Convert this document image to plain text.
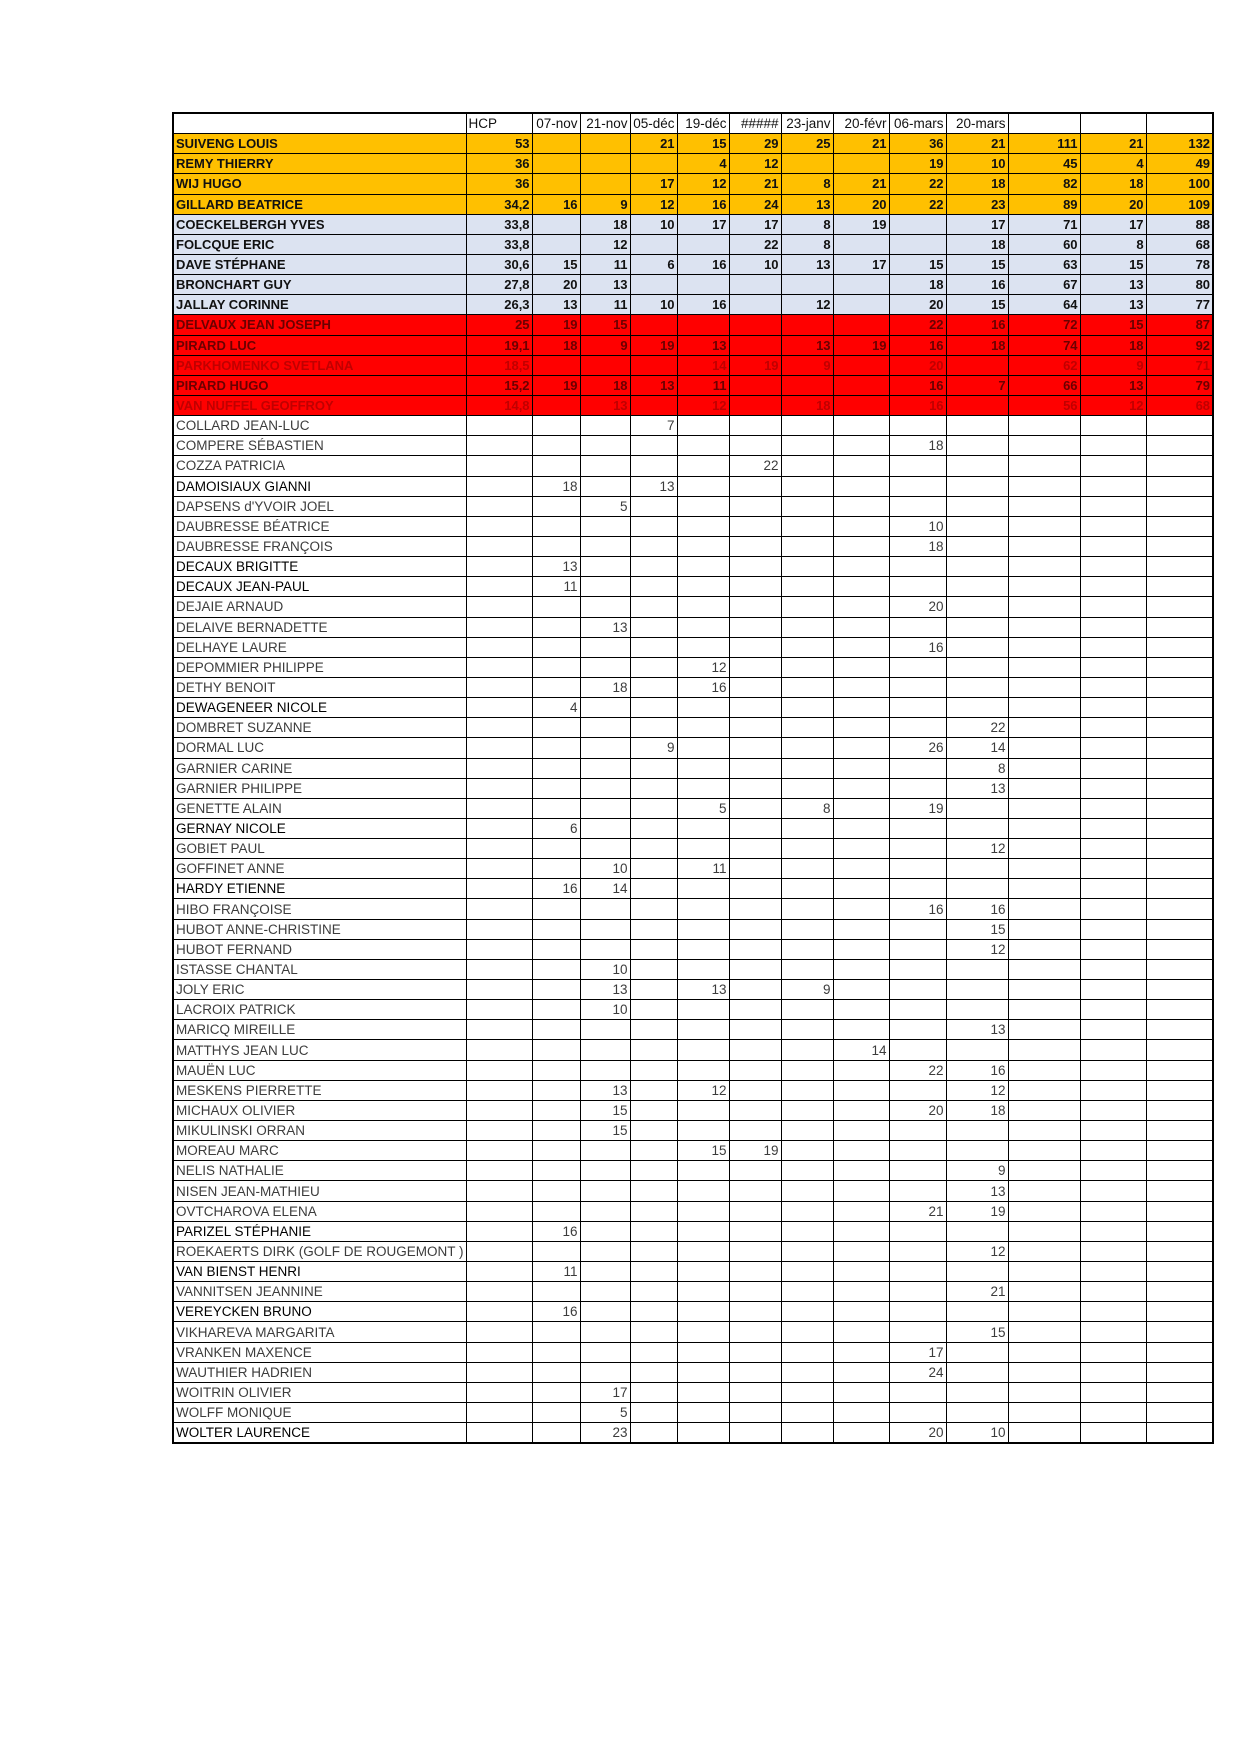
	HCP	07-nov	21-nov	05-déc	19-déc	#####	23-janv	20-févr	06-mars	20-mars			
SUIVENG LOUIS	53			21	15	29	25	21	36	21	111	21	132
REMY THIERRY	36				4	12			19	10	45	4	49
WIJ HUGO	36			17	12	21	8	21	22	18	82	18	100
GILLARD BEATRICE	34,2	16	9	12	16	24	13	20	22	23	89	20	109
COECKELBERGH YVES	33,8		18	10	17	17	8	19		17	71	17	88
FOLCQUE ERIC	33,8		12			22	8			18	60	8	68
DAVE STÉPHANE	30,6	15	11	6	16	10	13	17	15	15	63	15	78
BRONCHART GUY	27,8	20	13						18	16	67	13	80
JALLAY CORINNE	26,3	13	11	10	16		12		20	15	64	13	77
DELVAUX JEAN JOSEPH	25	19	15						22	16	72	15	87
PIRARD LUC	19,1	18	9	19	13		13	19	16	18	74	18	92
PARKHOMENKO SVETLANA	18,5				14	19	9		20		62	9	71
PIRARD HUGO	15,2	19	18	13	11				16	7	66	13	79
VAN NUFFEL GEOFFROY	14,8		13		12		18		16		56	12	68
COLLARD JEAN-LUC				7									
COMPERE SÉBASTIEN									18				
COZZA PATRICIA						22							
DAMOISIAUX GIANNI		18		13									
DAPSENS d'YVOIR JOEL			5										
DAUBRESSE BÉATRICE									10				
DAUBRESSE FRANÇOIS									18				
DECAUX BRIGITTE		13											
DECAUX JEAN-PAUL		11											
DEJAIE ARNAUD									20				
DELAIVE BERNADETTE			13										
DELHAYE LAURE									16				
DEPOMMIER PHILIPPE					12								
DETHY BENOIT			18		16								
DEWAGENEER NICOLE		4											
DOMBRET SUZANNE										22			
DORMAL LUC				9					26	14			
GARNIER CARINE										8			
GARNIER PHILIPPE										13			
GENETTE ALAIN					5		8		19				
GERNAY NICOLE		6											
GOBIET PAUL										12			
GOFFINET ANNE			10		11								
HARDY ETIENNE		16	14										
HIBO FRANÇOISE									16	16			
HUBOT ANNE-CHRISTINE										15			
HUBOT FERNAND										12			
ISTASSE CHANTAL			10										
JOLY ERIC			13		13		9						
LACROIX PATRICK			10										
MARICQ MIREILLE										13			
MATTHYS JEAN LUC								14					
MAUËN LUC									22	16			
MESKENS PIERRETTE			13		12					12			
MICHAUX OLIVIER			15						20	18			
MIKULINSKI ORRAN			15										
MOREAU MARC					15	19							
NELIS NATHALIE										9			
NISEN JEAN-MATHIEU										13			
OVTCHAROVA ELENA									21	19			
PARIZEL STÉPHANIE		16											
ROEKAERTS DIRK (GOLF DE ROUGEMONT )										12			
VAN BIENST HENRI		11											
VANNITSEN JEANNINE										21			
VEREYCKEN BRUNO		16											
VIKHAREVA MARGARITA										15			
VRANKEN MAXENCE									17				
WAUTHIER HADRIEN									24				
WOITRIN OLIVIER			17										
WOLFF MONIQUE			5										
WOLTER LAURENCE			23						20	10			
